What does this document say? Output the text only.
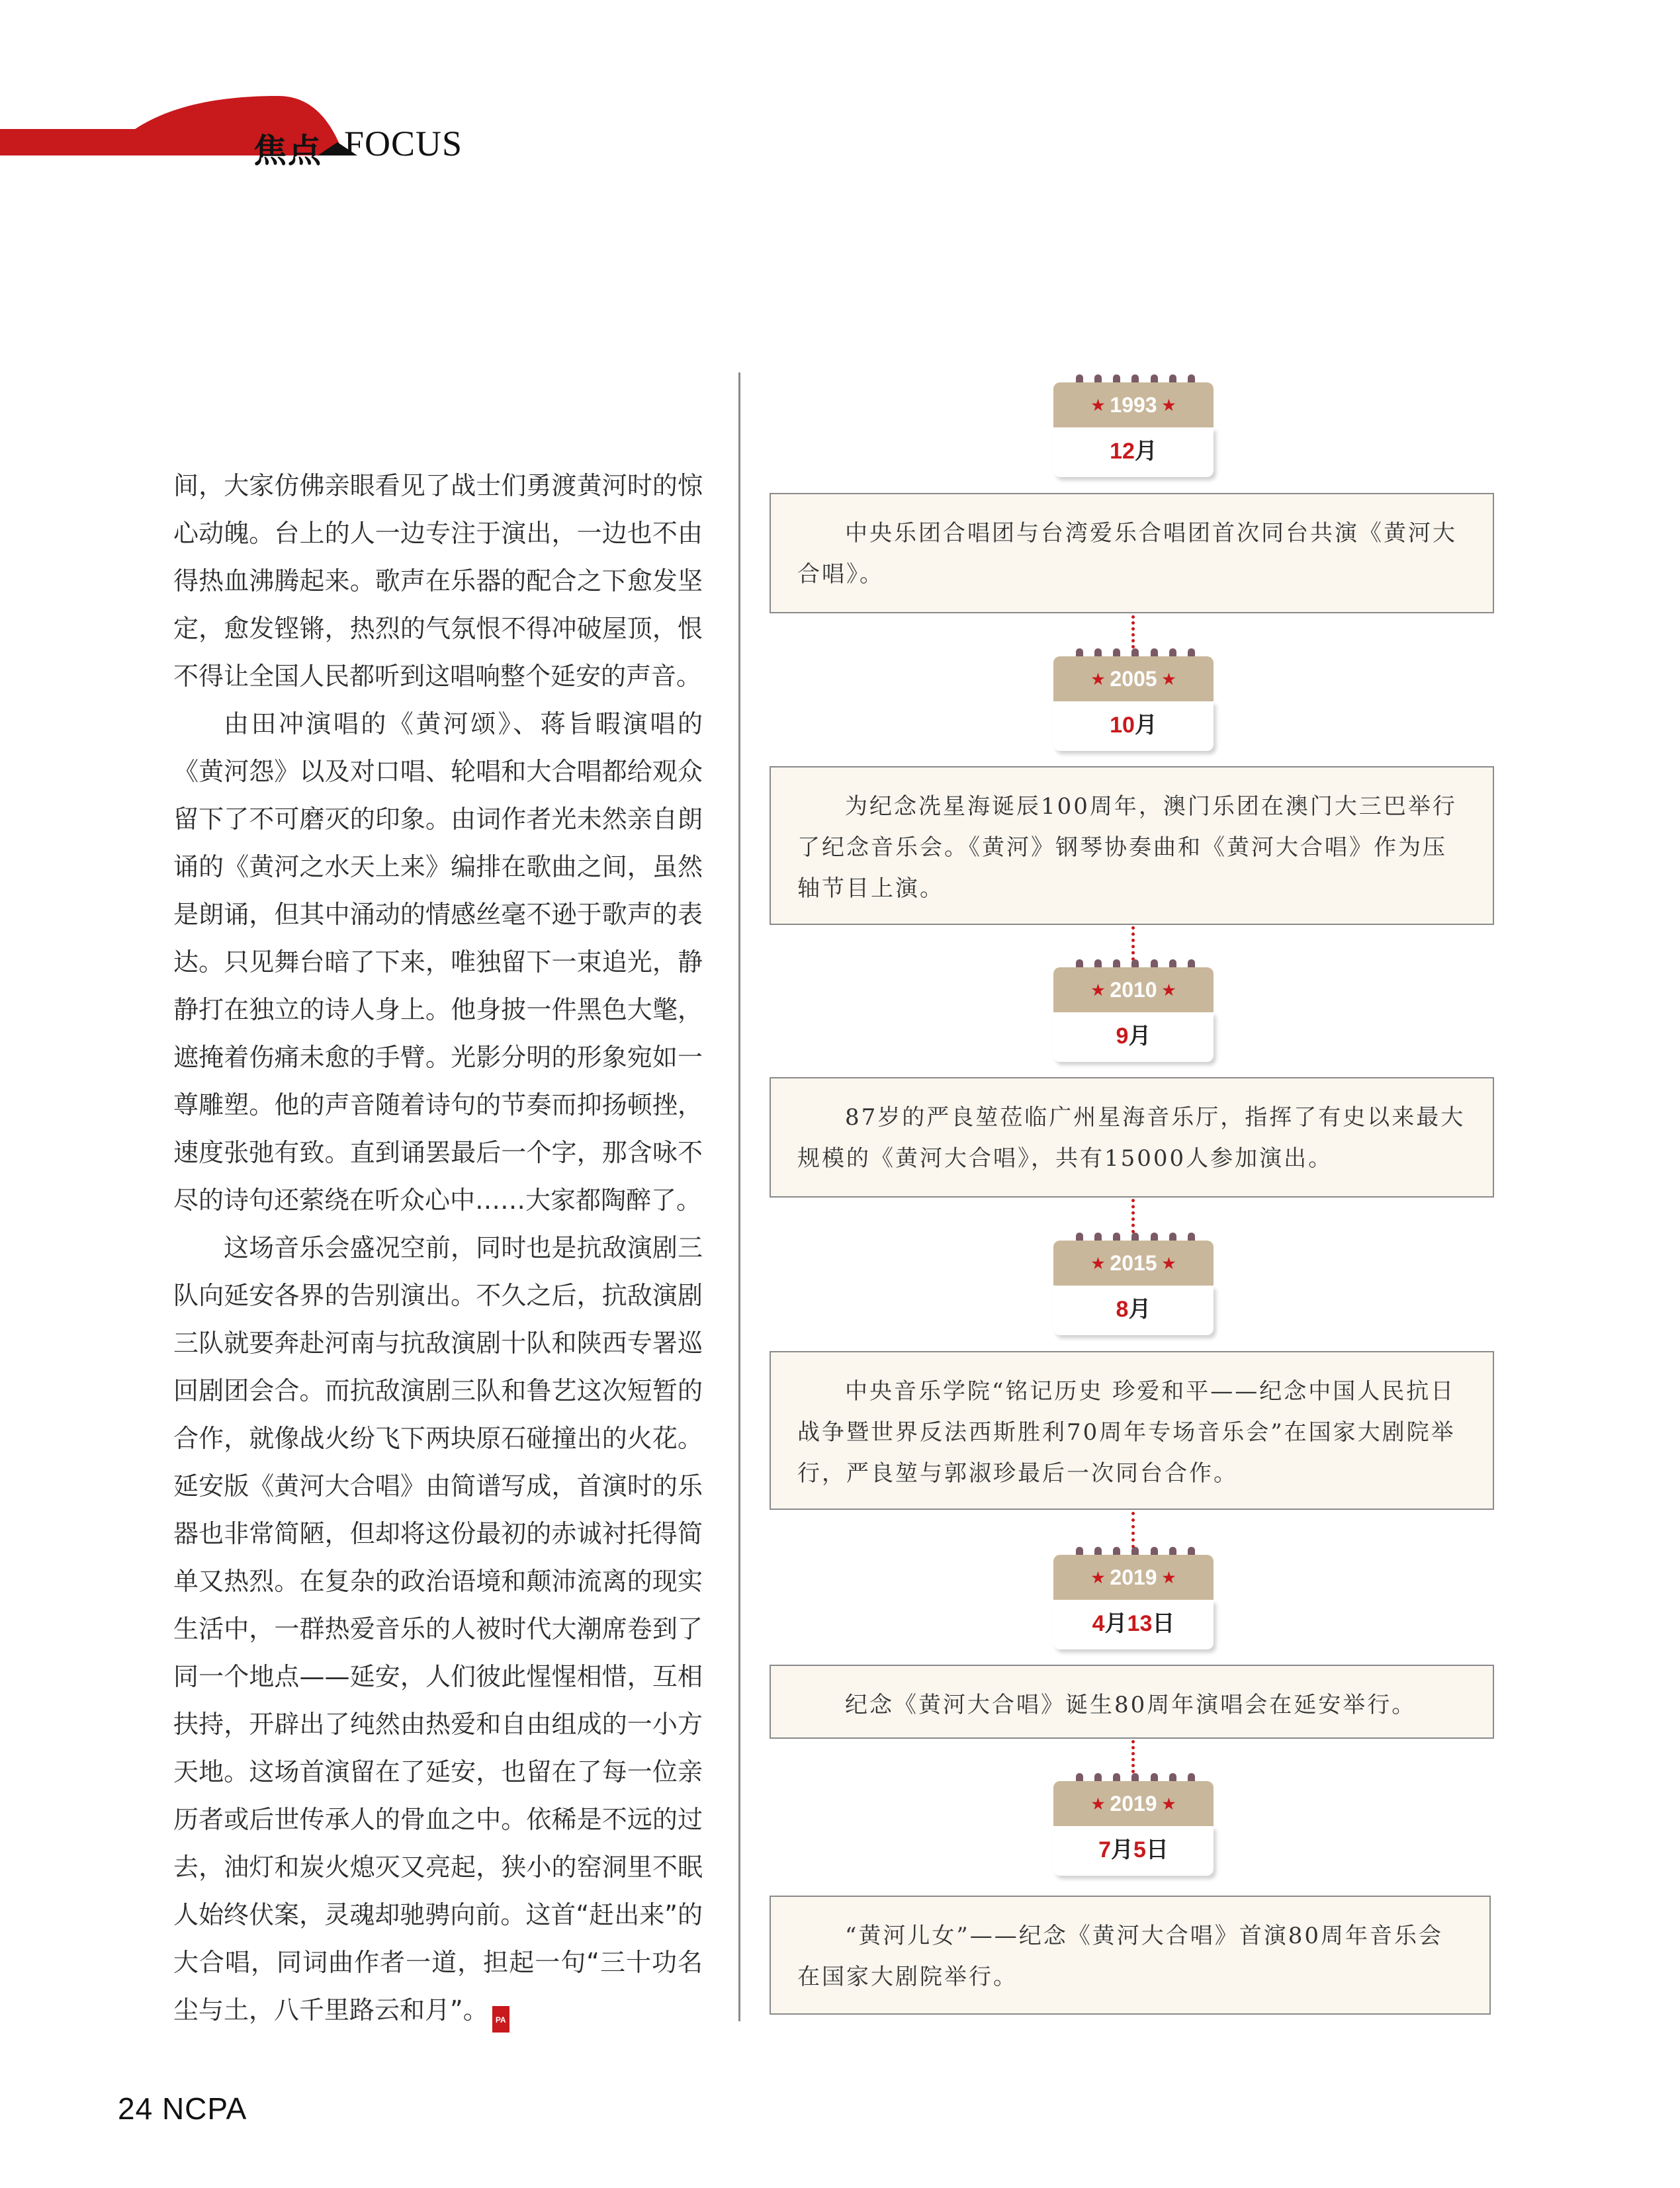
焦点 FOCUS

间，大家仿佛亲眼看见了战士们勇渡黄河时的惊心动魄。台上的人一边专注于演出，一边也不由得热血沸腾起来。歌声在乐器的配合之下愈发坚定，愈发铿锵，热烈的气氛恨不得冲破屋顶，恨不得让全国人民都听到这唱响整个延安的声音。

由田冲演唱的《黄河颂》、蒋旨暇演唱的《黄河怨》以及对口唱、轮唱和大合唱都给观众留下了不可磨灭的印象。由词作者光未然亲自朗诵的《黄河之水天上来》编排在歌曲之间，虽然是朗诵，但其中涌动的情感丝毫不逊于歌声的表达。只见舞台暗了下来，唯独留下一束追光，静静打在独立的诗人身上。他身披一件黑色大氅，遮掩着伤痛未愈的手臂。光影分明的形象宛如一尊雕塑。他的声音随着诗句的节奏而抑扬顿挫，速度张弛有致。直到诵罢最后一个字，那含咏不尽的诗句还萦绕在听众心中……大家都陶醉了。

这场音乐会盛况空前，同时也是抗敌演剧三队向延安各界的告别演出。不久之后，抗敌演剧三队就要奔赴河南与抗敌演剧十队和陕西专署巡回剧团会合。而抗敌演剧三队和鲁艺这次短暂的合作，就像战火纷飞下两块原石碰撞出的火花。延安版《黄河大合唱》由简谱写成，首演时的乐器也非常简陋，但却将这份最初的赤诚衬托得简单又热烈。在复杂的政治语境和颠沛流离的现实生活中，一群热爱音乐的人被时代大潮席卷到了同一个地点——延安，人们彼此惺惺相惜，互相扶持，开辟出了纯然由热爱和自由组成的一小方天地。这场首演留在了延安，也留在了每一位亲历者或后世传承人的骨血之中。依稀是不远的过去，油灯和炭火熄灭又亮起，狭小的窑洞里不眠人始终伏案，灵魂却驰骋向前。这首“赶出来”的大合唱，同词曲作者一道，担起一句“三十功名尘与土，八千里路云和月”。	NC
PA

★ 1993 ★
12月

中央乐团合唱团与台湾爱乐合唱团首次同台共演《黄河大合唱》。

★ 2005 ★
10月

为纪念冼星海诞辰100周年，澳门乐团在澳门大三巴举行了纪念音乐会。《黄河》钢琴协奏曲和《黄河大合唱》作为压轴节目上演。

★ 2010 ★
9月

87岁的严良堃莅临广州星海音乐厅，指挥了有史以来最大规模的《黄河大合唱》，共有15000人参加演出。

★ 2015 ★
8月

中央音乐学院“铭记历史 珍爱和平——纪念中国人民抗日战争暨世界反法西斯胜利70周年专场音乐会”在国家大剧院举行，严良堃与郭淑珍最后一次同台合作。

★ 2019 ★
4月13日

纪念《黄河大合唱》诞生80周年演唱会在延安举行。

★ 2019 ★
7月5日

“黄河儿女”——纪念《黄河大合唱》首演80周年音乐会在国家大剧院举行。

24 NCPA
